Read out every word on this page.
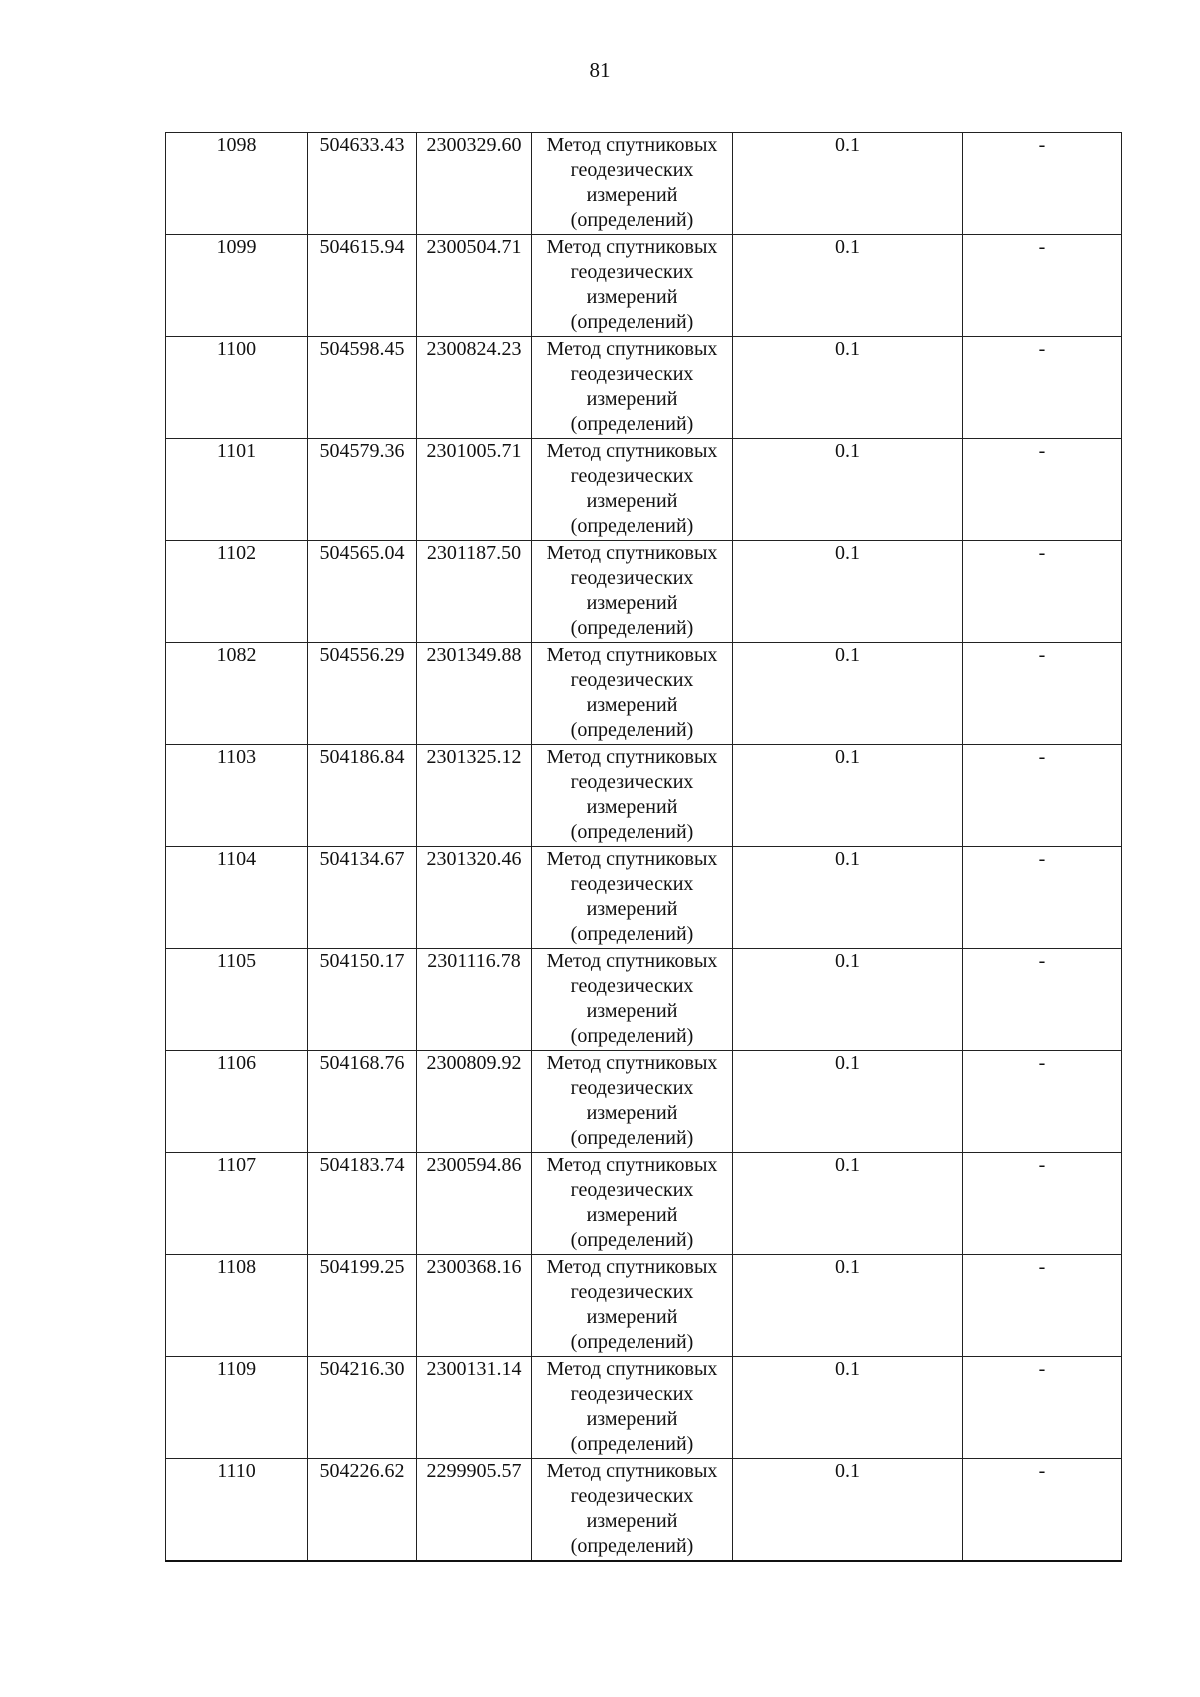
81
1098	504633.43	2300329.60	Метод спутниковых геодезических измерений (определений)	0.1	-
1099	504615.94	2300504.71	Метод спутниковых геодезических измерений (определений)	0.1	-
1100	504598.45	2300824.23	Метод спутниковых геодезических измерений (определений)	0.1	-
1101	504579.36	2301005.71	Метод спутниковых геодезических измерений (определений)	0.1	-
1102	504565.04	2301187.50	Метод спутниковых геодезических измерений (определений)	0.1	-
1082	504556.29	2301349.88	Метод спутниковых геодезических измерений (определений)	0.1	-
1103	504186.84	2301325.12	Метод спутниковых геодезических измерений (определений)	0.1	-
1104	504134.67	2301320.46	Метод спутниковых геодезических измерений (определений)	0.1	-
1105	504150.17	2301116.78	Метод спутниковых геодезических измерений (определений)	0.1	-
1106	504168.76	2300809.92	Метод спутниковых геодезических измерений (определений)	0.1	-
1107	504183.74	2300594.86	Метод спутниковых геодезических измерений (определений)	0.1	-
1108	504199.25	2300368.16	Метод спутниковых геодезических измерений (определений)	0.1	-
1109	504216.30	2300131.14	Метод спутниковых геодезических измерений (определений)	0.1	-
1110	504226.62	2299905.57	Метод спутниковых геодезических измерений (определений)	0.1	-
